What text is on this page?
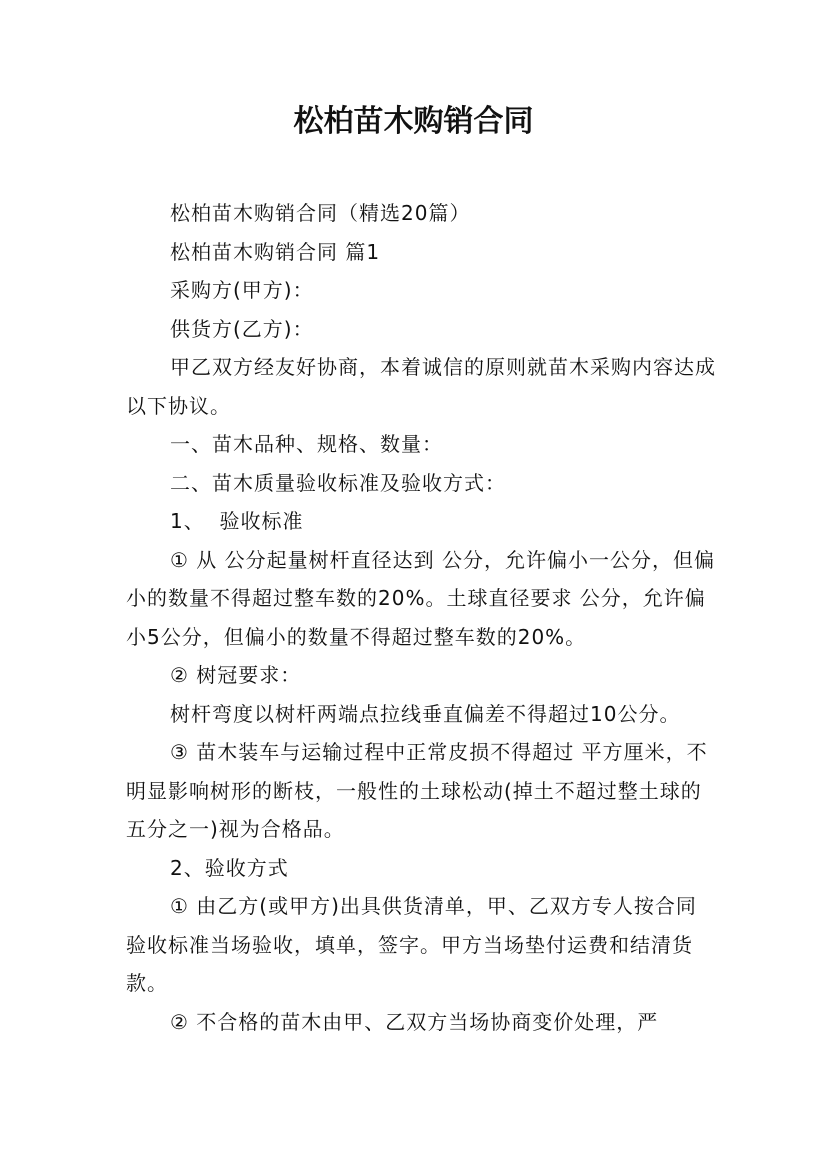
松柏苗木购销合同

松柏苗木购销合同（精选20篇）

松柏苗木购销合同 篇1

采购方(甲方)：

供货方(乙方)：

甲乙双方经友好协商，本着诚信的原则就苗木采购内容达成以下协议。

一、苗木品种、规格、数量：

二、苗木质量验收标准及验收方式：

1、  验收标准

① 从 公分起量树杆直径达到 公分，允许偏小一公分，但偏小的数量不得超过整车数的20%。土球直径要求 公分，允许偏小5公分，但偏小的数量不得超过整车数的20%。

② 树冠要求：

树杆弯度以树杆两端点拉线垂直偏差不得超过10公分。

③ 苗木装车与运输过程中正常皮损不得超过 平方厘米，不明显影响树形的断枝，一般性的土球松动(掉土不超过整土球的五分之一)视为合格品。

2、验收方式

① 由乙方(或甲方)出具供货清单，甲、乙双方专人按合同验收标准当场验收，填单，签字。甲方当场垫付运费和结清货款。

② 不合格的苗木由甲、乙双方当场协商变价处理，严
